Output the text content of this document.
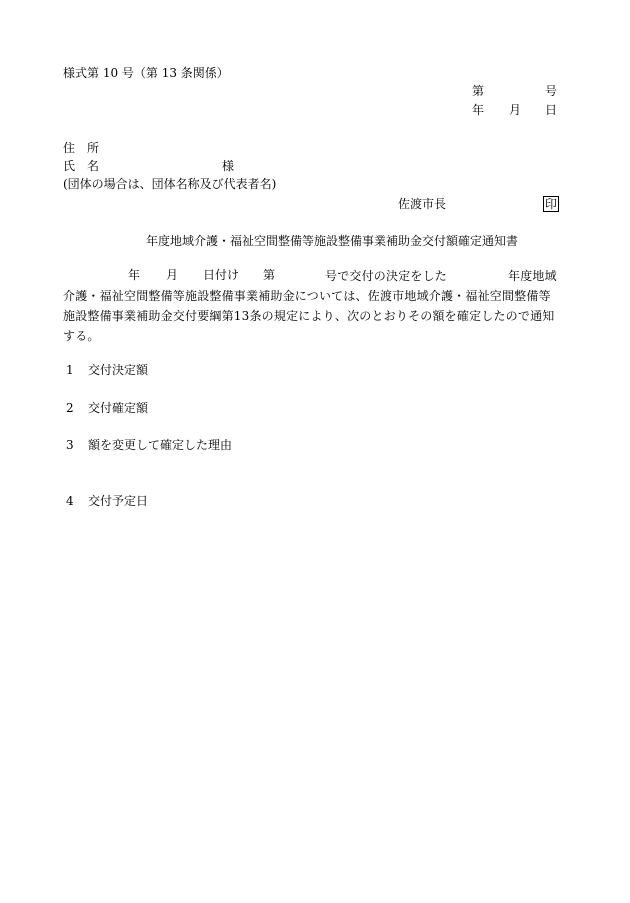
様式第 10 号（第 13 条関係）
第	号
年 月 日
住　所
氏　名	様
(団体の場合は、団体名称及び代表者名)
佐渡市長	印
年度地域介護・福祉空間整備等施設整備事業補助金交付額確定通知書
年 月 日付け 第	号で交付の決定をした　　　　　年度地域介護・福祉空間整備等施設整備事業補助金については、佐渡市地域介護・福祉空間整備等施設整備事業補助金交付要綱第13条の規定により、次のとおりその額を確定したので通知する。
1 交付決定額
2 交付確定額
3 額を変更して確定した理由
4 交付予定日
